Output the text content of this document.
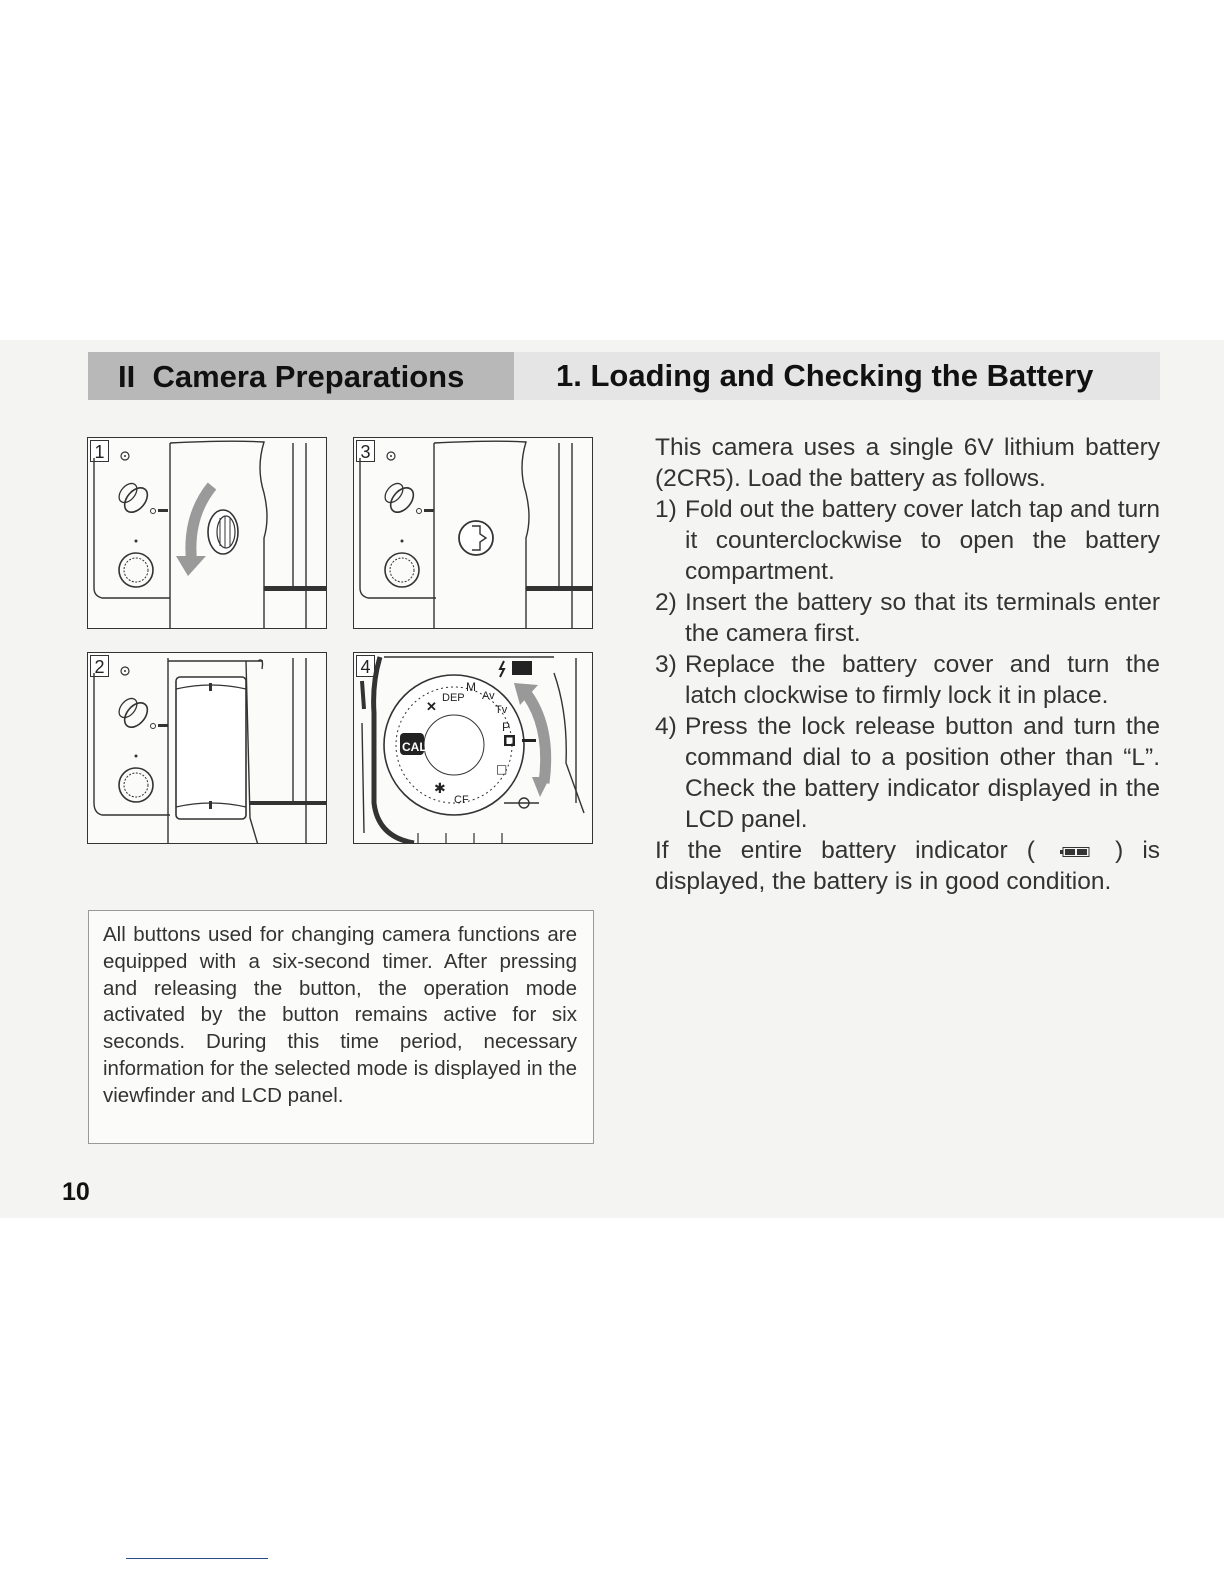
II  Camera Preparations	1. Loading and Checking the Battery
1	3
2	4
✕
CAL
DEP
M
Av
Tv
P
L
CF
✱
□

This camera uses a single 6V lithium battery (2CR5). Load the battery as follows.

1) Fold out the battery cover latch tap and turn it counterclockwise to open the battery compartment.
2) Insert the battery so that its terminals enter the camera first.
3) Replace the battery cover and turn the latch clockwise to firmly lock it in place.
4) Press the lock release button and turn the command dial to a position other than “L”. Check the battery indicator displayed in the LCD panel.

If the entire battery indicator (	) is displayed, the battery is in good condition.

All buttons used for changing camera functions are equipped with a six-second timer. After pressing and releasing the button, the operation mode activated by the button remains active for six seconds. During this time period, necessary information for the selected mode is displayed in the viewfinder and LCD panel.
10
